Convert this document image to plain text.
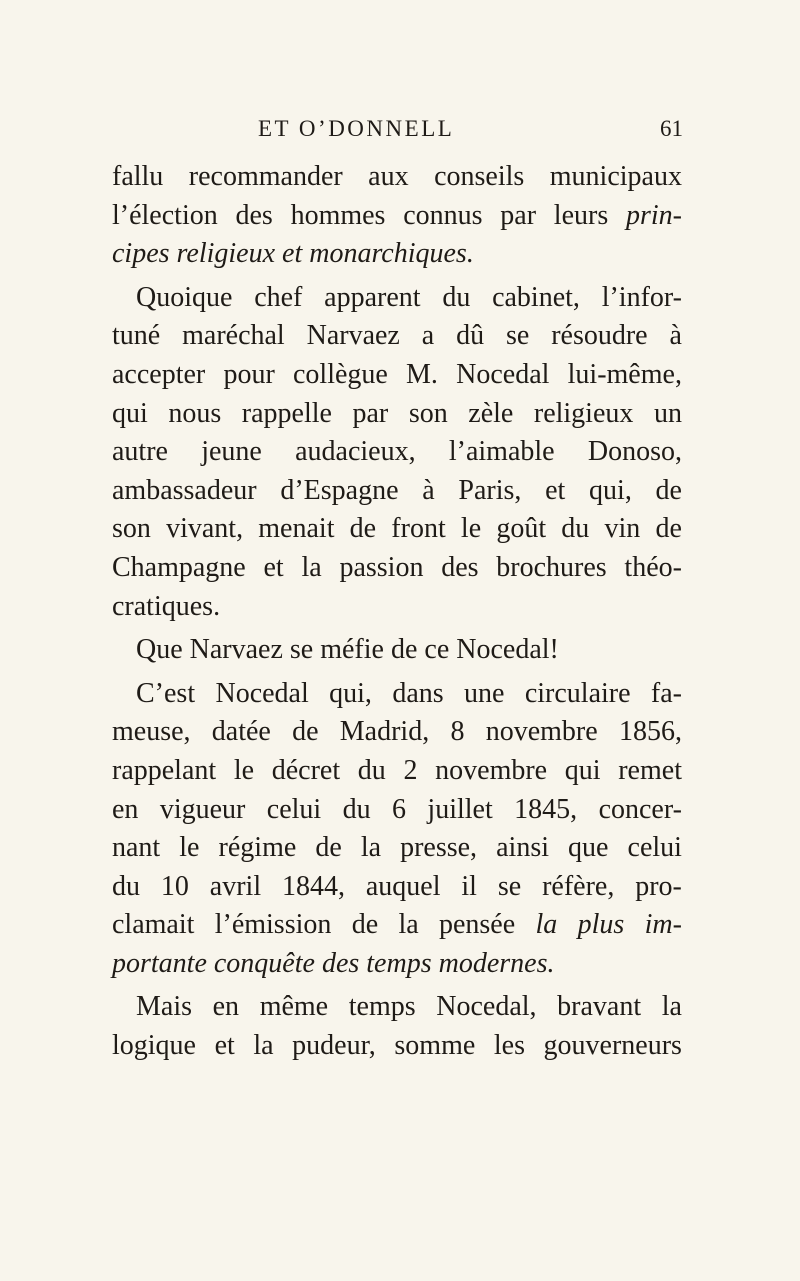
ET O’DONNELL	61
fallu recommander aux conseils municipaux
l’élection des hommes connus par leurs prin-
cipes religieux et monarchiques.
Quoique chef apparent du cabinet, l’infor-
tuné maréchal Narvaez a dû se résoudre à
accepter pour collègue M. Nocedal lui-même,
qui nous rappelle par son zèle religieux un
autre jeune audacieux, l’aimable Donoso,
ambassadeur d’Espagne à Paris, et qui, de
son vivant, menait de front le goût du vin de
Champagne et la passion des brochures théo-
cratiques.
Que Narvaez se méfie de ce Nocedal!
C’est Nocedal qui, dans une circulaire fa-
meuse, datée de Madrid, 8 novembre 1856,
rappelant le décret du 2 novembre qui remet
en vigueur celui du 6 juillet 1845, concer-
nant le régime de la presse, ainsi que celui
du 10 avril 1844, auquel il se réfère, pro-
clamait l’émission de la pensée la plus im-
portante conquête des temps modernes.
Mais en même temps Nocedal, bravant la
logique et la pudeur, somme les gouverneurs
